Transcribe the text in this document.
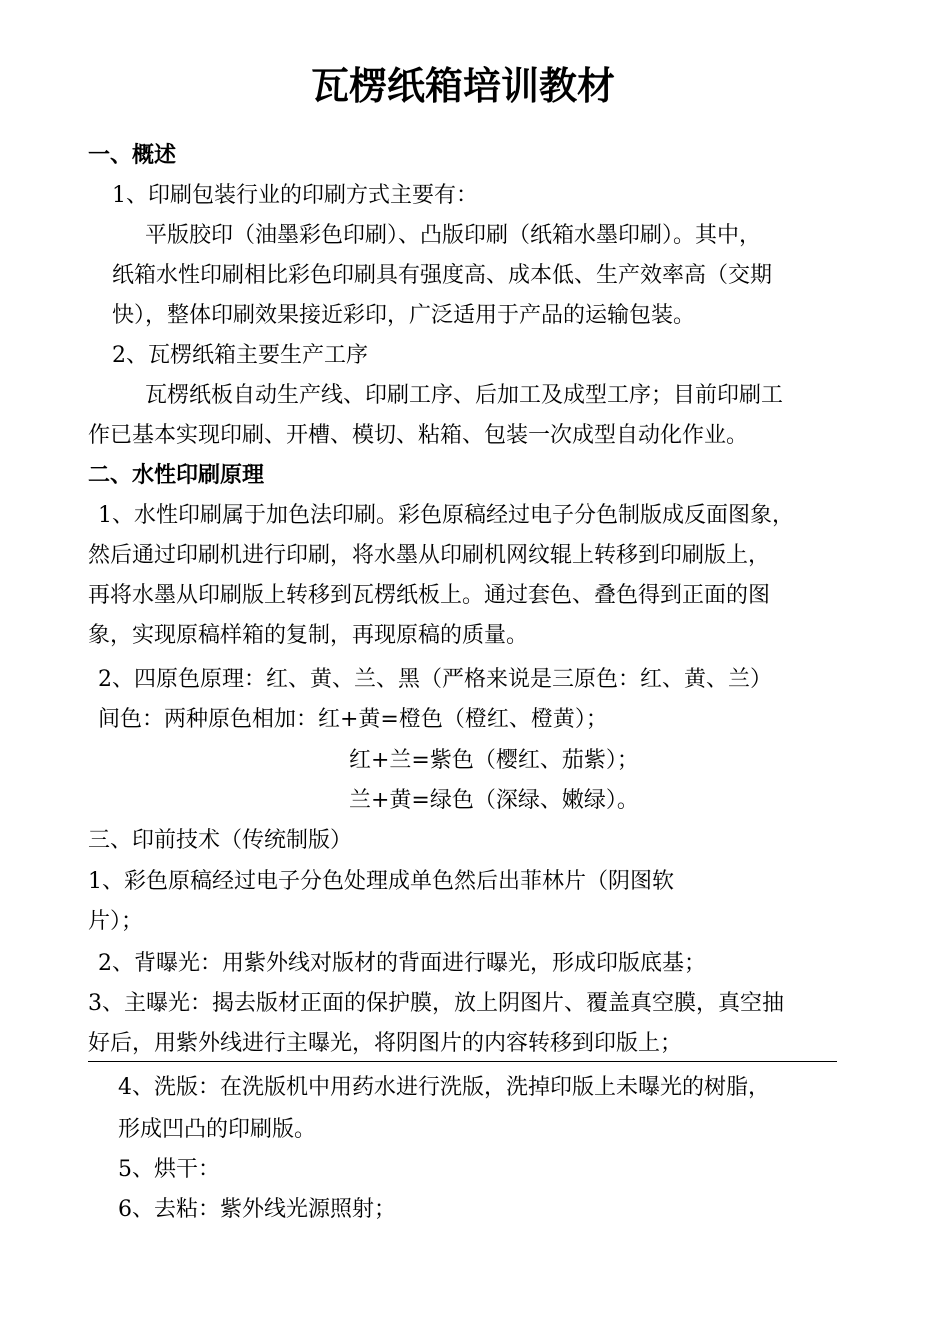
瓦楞纸箱培训教材
一、概述
1、印刷包装行业的印刷方式主要有：
平版胶印（油墨彩色印刷）、凸版印刷（纸箱水墨印刷）。其中，
纸箱水性印刷相比彩色印刷具有强度高、成本低、生产效率高（交期
快），整体印刷效果接近彩印，广泛适用于产品的运输包装。
2、瓦楞纸箱主要生产工序
瓦楞纸板自动生产线、印刷工序、后加工及成型工序；目前印刷工
作已基本实现印刷、开槽、模切、粘箱、包装一次成型自动化作业。
二、水性印刷原理
1、水性印刷属于加色法印刷。彩色原稿经过电子分色制版成反面图象，
然后通过印刷机进行印刷，将水墨从印刷机网纹辊上转移到印刷版上，
再将水墨从印刷版上转移到瓦楞纸板上。通过套色、叠色得到正面的图
象，实现原稿样箱的复制，再现原稿的质量。
2、四原色原理：红、黄、兰、黑（严格来说是三原色：红、黄、兰）
间色：两种原色相加：红+黄=橙色（橙红、橙黄）；
红+兰=紫色（樱红、茄紫）；
兰+黄=绿色（深绿、嫩绿）。
三、印前技术（传统制版）
1、彩色原稿经过电子分色处理成单色然后出菲林片（阴图软
片）；
2、背曝光：用紫外线对版材的背面进行曝光，形成印版底基；
3、主曝光：揭去版材正面的保护膜，放上阴图片、覆盖真空膜，真空抽
好后，用紫外线进行主曝光，将阴图片的内容转移到印版上；
4、洗版：在洗版机中用药水进行洗版，洗掉印版上未曝光的树脂，
形成凹凸的印刷版。
5、烘干：
6、去粘：紫外线光源照射；
